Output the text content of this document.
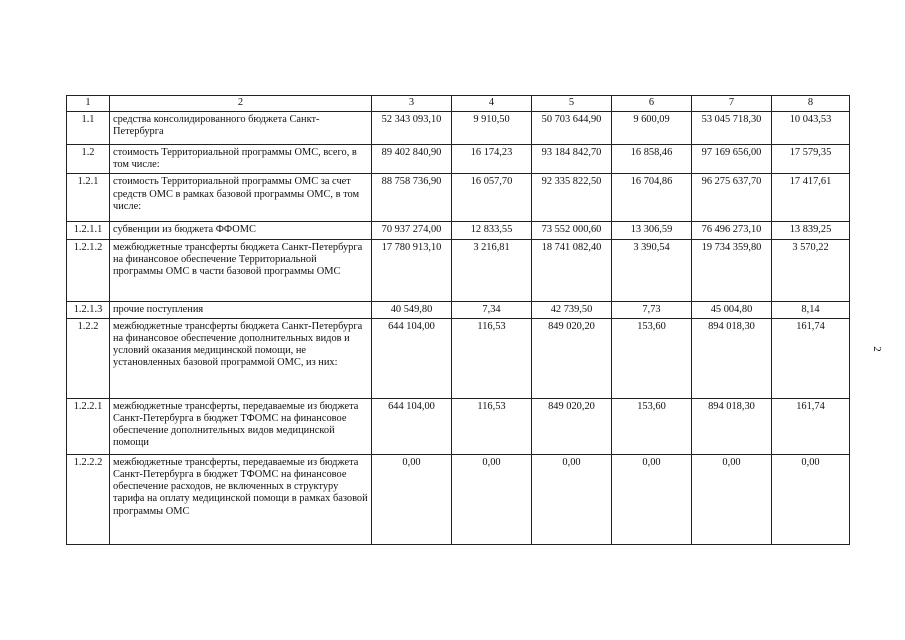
1	2	3	4	5	6	7	8
1.1	средства консолидированного бюджета Санкт-Петербурга	52 343 093,10	9 910,50	50 703 644,90	9 600,09	53 045 718,30	10 043,53
1.2	стоимость Территориальной программы ОМС, всего, в том числе:	89 402 840,90	16 174,23	93 184 842,70	16 858,46	97 169 656,00	17 579,35
1.2.1	стоимость Территориальной программы ОМС за счет средств ОМС в рамках базовой программы ОМС, в том числе:	88 758 736,90	16 057,70	92 335 822,50	16 704,86	96 275 637,70	17 417,61
1.2.1.1	субвенции из бюджета ФФОМС	70 937 274,00	12 833,55	73 552 000,60	13 306,59	76 496 273,10	13 839,25
1.2.1.2	межбюджетные трансферты бюджета Санкт-Петербурга на финансовое обеспечение Территориальной программы ОМС в части базовой программы ОМС	17 780 913,10	3 216,81	18 741 082,40	3 390,54	19 734 359,80	3 570,22
1.2.1.3	прочие поступления	40 549,80	7,34	42 739,50	7,73	45 004,80	8,14
1.2.2	межбюджетные трансферты бюджета Санкт-Петербурга на финансовое обеспечение дополнительных видов и условий оказания медицинской помощи, не установленных базовой программой ОМС, из них:	644 104,00	116,53	849 020,20	153,60	894 018,30	161,74
1.2.2.1	межбюджетные трансферты, передаваемые из бюджета Санкт-Петербурга в бюджет ТФОМС на финансовое обеспечение дополнительных видов медицинской помощи	644 104,00	116,53	849 020,20	153,60	894 018,30	161,74
1.2.2.2	межбюджетные трансферты, передаваемые из бюджета Санкт-Петербурга в бюджет ТФОМС на финансовое обеспечение расходов, не включенных в структуру тарифа на оплату медицинской помощи в рамках базовой программы ОМС	0,00	0,00	0,00	0,00	0,00	0,00
2
